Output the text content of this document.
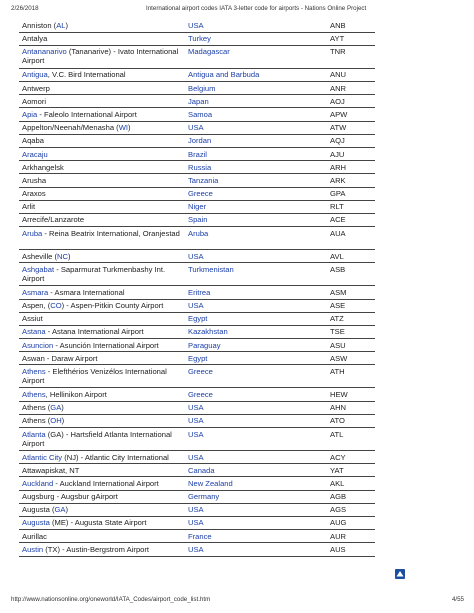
2/26/2018	International airport codes IATA 3-letter code for airports - Nations Online Project
Anniston (AL)	USA	ANB
Antalya	Turkey	AYT
Antananarivo (Tananarive) - Ivato International Airport	Madagascar	TNR
Antigua, V.C. Bird International	Antigua and Barbuda	ANU
Antwerp	Belgium	ANR
Aomori	Japan	AOJ
Apia - Faleolo International Airport	Samoa	APW
Appelton/Neenah/Menasha (WI)	USA	ATW
Aqaba	Jordan	AQJ
Aracaju	Brazil	AJU
Arkhangelsk	Russia	ARH
Arusha	Tanzania	ARK
Araxos	Greece	GPA
Arlit	Niger	RLT
Arrecife/Lanzarote	Spain	ACE
Aruba - Reina Beatrix International, Oranjestad	Aruba	AUA
Asheville (NC)	USA	AVL
Ashgabat - Saparmurat Turkmenbashy Int. Airport	Turkmenistan	ASB
Asmara - Asmara International	Eritrea	ASM
Aspen, (CO) - Aspen-Pitkin County Airport	USA	ASE
Assiut	Egypt	ATZ
Astana - Astana International Airport	Kazakhstan	TSE
Asuncion - Asunción International Airport	Paraguay	ASU
Aswan - Daraw Airport	Egypt	ASW
Athens - Elefthérios Venizélos International Airport	Greece	ATH
Athens, Hellinikon Airport	Greece	HEW
Athens (GA)	USA	AHN
Athens (OH)	USA	ATO
Atlanta (GA) - Hartsfield Atlanta International Airport	USA	ATL
Atlantic City (NJ) - Atlantic City International	USA	ACY
Attawapiskat, NT	Canada	YAT
Auckland - Auckland International Airport	New Zealand	AKL
Augsburg - Augsbur gAirport	Germany	AGB
Augusta (GA)	USA	AGS
Augusta (ME) - Augusta State Airport	USA	AUG
Aurillac	France	AUR
Austin (TX) - Austin-Bergstrom Airport	USA	AUS
http://www.nationsonline.org/oneworld/IATA_Codes/airport_code_list.htm	4/55
